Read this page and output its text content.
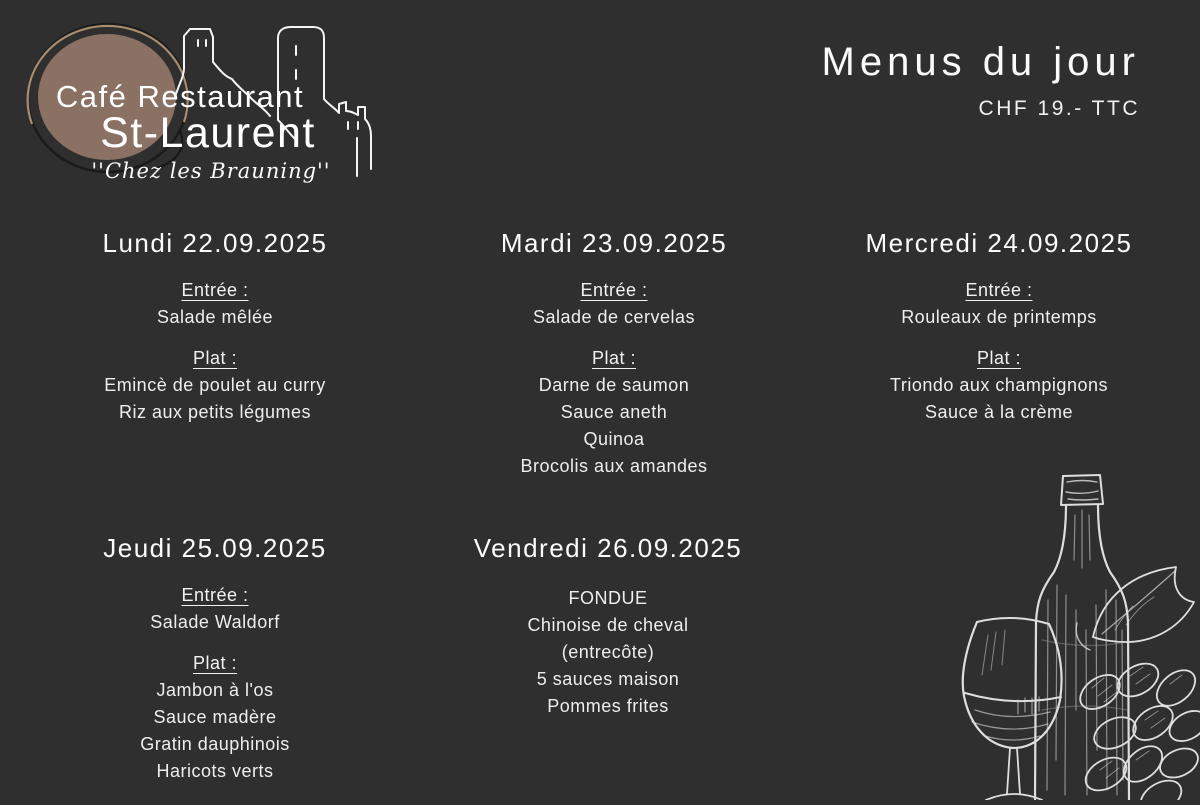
Café Restaurant
St-Laurent
''Chez les Brauning''
Menus du jour
CHF 19.- TTC
Lundi 22.09.2025
Entrée :
Salade mêlée
Plat :
Emincè de poulet au curry
Riz aux petits légumes
Mardi 23.09.2025
Entrée :
Salade de cervelas
Plat :
Darne de saumon
Sauce aneth
Quinoa
Brocolis aux amandes
Mercredi 24.09.2025
Entrée :
Rouleaux de printemps
Plat :
Triondo aux champignons
Sauce à la crème
Jeudi 25.09.2025
Entrée :
Salade Waldorf
Plat :
Jambon à l'os
Sauce madère
Gratin dauphinois
Haricots verts
Vendredi 26.09.2025
FONDUE
Chinoise de cheval
(entrecôte)
5 sauces maison
Pommes frites
